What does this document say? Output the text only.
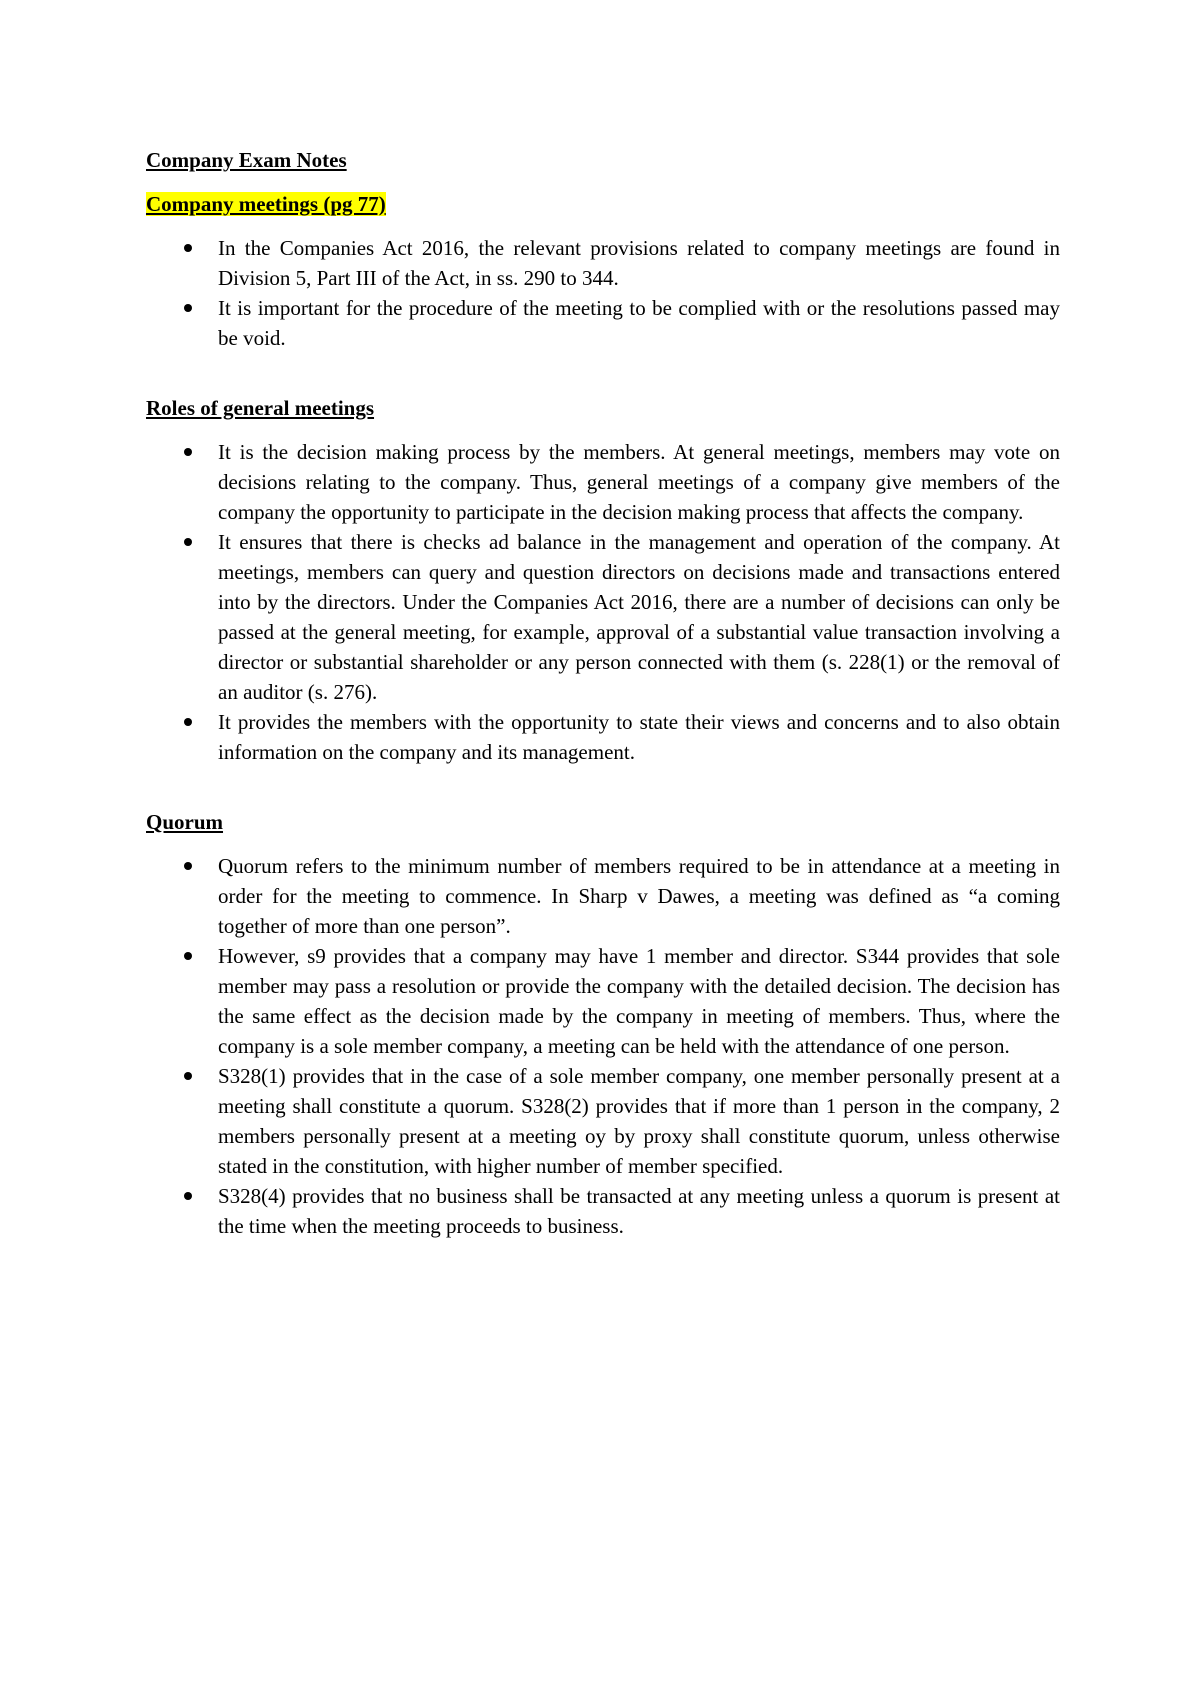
Company Exam Notes

Company meetings (pg 77)

In the Companies Act 2016, the relevant provisions related to company meetings are found in Division 5, Part III of the Act, in ss. 290 to 344.
It is important for the procedure of the meeting to be complied with or the resolutions passed may be void.

Roles of general meetings

It is the decision making process by the members. At general meetings, members may vote on decisions relating to the company. Thus, general meetings of a company give members of the company the opportunity to participate in the decision making process that affects the company.
It ensures that there is checks ad balance in the management and operation of the company. At meetings, members can query and question directors on decisions made and transactions entered into by the directors. Under the Companies Act 2016, there are a number of decisions can only be passed at the general meeting, for example, approval of a substantial value transaction involving a director or substantial shareholder or any person connected with them (s. 228(1) or the removal of an auditor (s. 276).
It provides the members with the opportunity to state their views and concerns and to also obtain information on the company and its management.

Quorum

Quorum refers to the minimum number of members required to be in attendance at a meeting in order for the meeting to commence. In Sharp v Dawes, a meeting was defined as “a coming together of more than one person”.
However, s9 provides that a company may have 1 member and director. S344 provides that sole member may pass a resolution or provide the company with the detailed decision. The decision has the same effect as the decision made by the company in meeting of members. Thus, where the company is a sole member company, a meeting can be held with the attendance of one person.
S328(1) provides that in the case of a sole member company, one member personally present at a meeting shall constitute a quorum. S328(2) provides that if more than 1 person in the company, 2 members personally present at a meeting oy by proxy shall constitute quorum, unless otherwise stated in the constitution, with higher number of member specified.
S328(4) provides that no business shall be transacted at any meeting unless a quorum is present at the time when the meeting proceeds to business.
